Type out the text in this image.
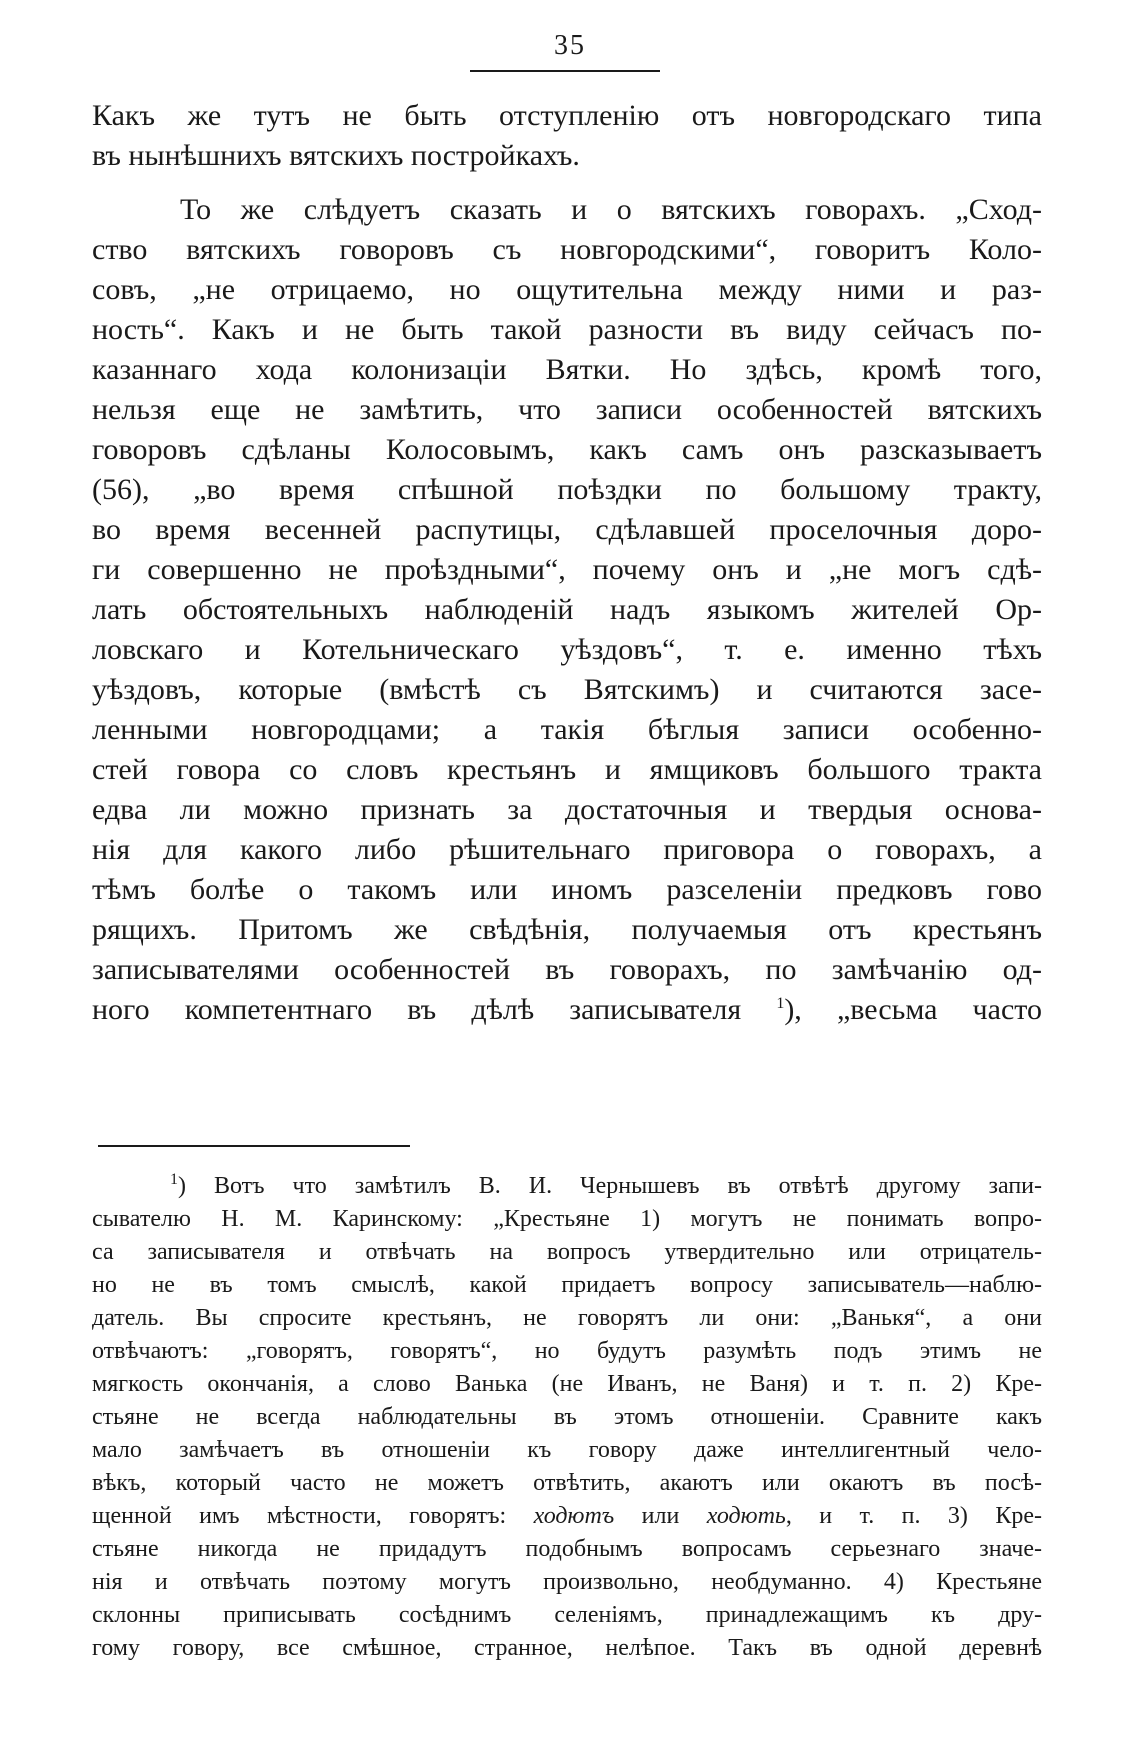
35
Какъ же тутъ не быть отступленію отъ новгородскаго типа
въ нынѣшнихъ вятскихъ постройкахъ.
То же слѣдуетъ сказать и о вятскихъ говорахъ. „Сход-
ство вятскихъ говоровъ съ новгородскими“, говоритъ Коло-
совъ, „не отрицаемо, но ощутительна между ними и раз-
ность“. Какъ и не быть такой разности въ виду сейчасъ по-
казаннаго хода колонизаціи Вятки. Но здѣсь, кромѣ того,
нельзя еще не замѣтить, что записи особенностей вятскихъ
говоровъ сдѣланы Колосовымъ, какъ самъ онъ разсказываетъ
(56), „во время спѣшной поѣздки по большому тракту,
во время весенней распутицы, сдѣлавшей проселочныя доро-
ги совершенно не проѣздными“, почему онъ и „не могъ сдѣ-
лать обстоятельныхъ наблюденій надъ языкомъ жителей Ор-
ловскаго и Котельническаго уѣздовъ“, т. е. именно тѣхъ
уѣздовъ, которые (вмѣстѣ съ Вятскимъ) и считаются засе-
ленными новгородцами; а такія бѣглыя записи особенно-
стей говора со словъ крестьянъ и ямщиковъ большого тракта
едва ли можно признать за достаточныя и твердыя основа-
нія для какого либо рѣшительнаго приговора о говорахъ, а
тѣмъ болѣе о такомъ или иномъ разселеніи предковъ гово
рящихъ. Притомъ же свѣдѣнія, получаемыя отъ крестьянъ
записывателями особенностей въ говорахъ, по замѣчанію од-
ного компетентнаго въ дѣлѣ записывателя $^1$), „весьма часто
$^1$) Вотъ что замѣтилъ В. И. Чернышевъ въ отвѣтѣ другому запи-
сывателю Н. М. Каринскому: „Крестьяне 1) могутъ не понимать вопро-
са записывателя и отвѣчать на вопросъ утвердительно или отрицатель-
но не въ томъ смыслѣ, какой придаетъ вопросу записыватель—наблю-
датель. Вы спросите крестьянъ, не говорятъ ли они: „Ванькя“, а они
отвѣчаютъ: „говорятъ, говорятъ“, но будутъ разумѣть подъ этимъ не
мягкость окончанія, а слово Ванька (не Иванъ, не Ваня) и т. п. 2) Кре-
стьяне не всегда наблюдательны въ этомъ отношеніи. Сравните какъ
мало замѣчаетъ въ отношеніи къ говору даже интеллигентный чело-
вѣкъ, который часто не можетъ отвѣтить, акаютъ или окаютъ въ посѣ-
щенной имъ мѣстности, говорятъ: ходютъ или ходють, и т. п. 3) Кре-
стьяне никогда не придадутъ подобнымъ вопросамъ серьезнаго значе-
нія и отвѣчать поэтому могутъ произвольно, необдуманно. 4) Крестьяне
склонны приписывать сосѣднимъ селеніямъ, принадлежащимъ къ дру-
гому говору, все смѣшное, странное, нелѣпое. Такъ въ одной деревнѣ
